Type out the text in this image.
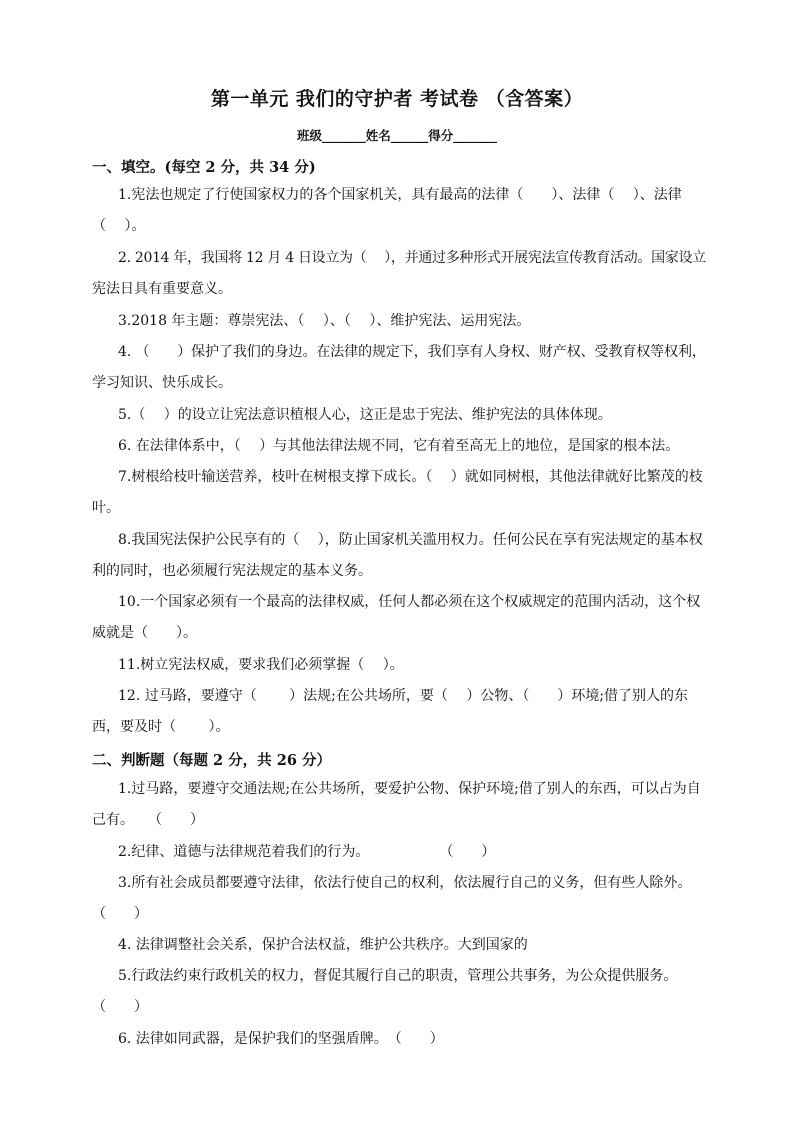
第一单元 我们的守护者 考试卷 （含答案）
班级_______姓名______得分_______
一、填空。(每空 2 分，共 34 分)
1.宪法也规定了行使国家权力的各个国家机关，具有最高的法律（　　）、法律（　 ）、法律
（　 ）。
2. 2014 年，我国将 12 月 4 日设立为（　 ），并通过多种形式开展宪法宣传教育活动。国家设立
宪法日具有重要意义。
3.2018 年主题：尊崇宪法、（　 ）、（　 ）、维护宪法、运用宪法。
4. （　　）保护了我们的身边。在法律的规定下，我们享有人身权、财产权、受教育权等权利，
学习知识、快乐成长。
5.（　 ）的设立让宪法意识植根人心，这正是忠于宪法、维护宪法的具体体现。
6. 在法律体系中，（　 ）与其他法律法规不同，它有着至高无上的地位，是国家的根本法。
7.树根给枝叶输送营养，枝叶在树根支撑下成长。（　 ）就如同树根，其他法律就好比繁茂的枝
叶。
8.我国宪法保护公民享有的（　 ），防止国家机关滥用权力。任何公民在享有宪法规定的基本权
利的同时，也必须履行宪法规定的基本义务。
10.一个国家必须有一个最高的法律权威，任何人都必须在这个权威规定的范围内活动，这个权
威就是（　　）。
11.树立宪法权威，要求我们必须掌握（　 ）。
12. 过马路，要遵守（　　 ）法规;在公共场所，要（　 ）公物、（　　）环境;借了别人的东
西，要及时（　　 ）。
二、判断题（每题 2 分，共 26 分）
1.过马路，要遵守交通法规;在公共场所，要爱护公物、保护环境;借了别人的东西，可以占为自
己有。　　（　　）
2.纪律、道德与法律规范着我们的行为。　　　　　　（　　）
3.所有社会成员都要遵守法律，依法行使自己的权利，依法履行自己的义务，但有些人除外。
（　　）
4. 法律调整社会关系，保护合法权益，维护公共秩序。大到国家的
5.行政法约束行政机关的权力，督促其履行自己的职责，管理公共事务，为公众提供服务。
（　　）
6. 法律如同武器，是保护我们的坚强盾牌。　（　　）
